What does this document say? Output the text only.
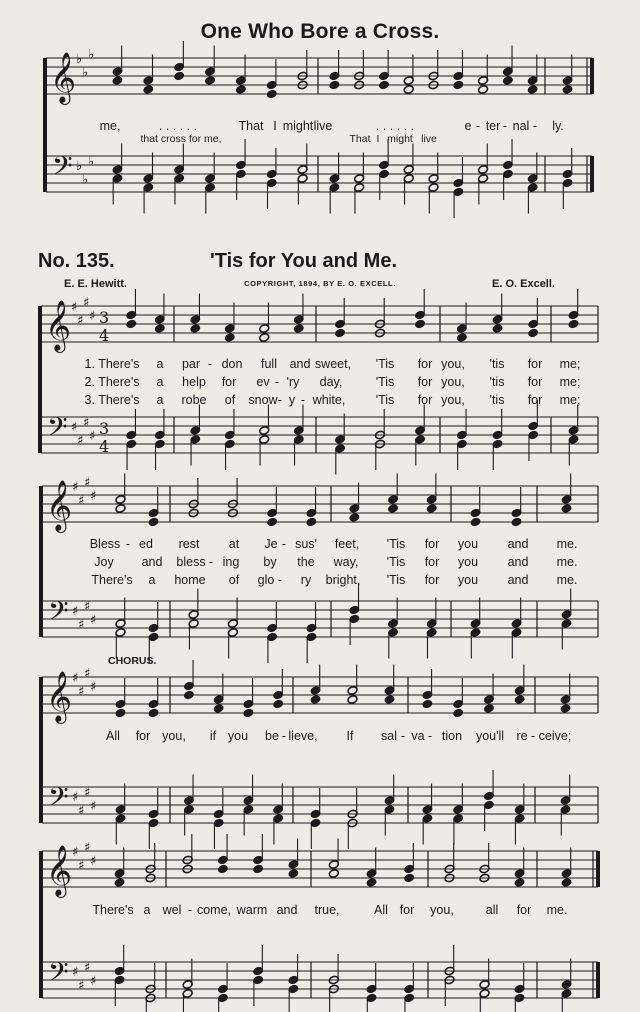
𝄞
𝄢
♭
♭
♭
♭
♭
♭
𝄞
𝄢
♯
♯
♯
♯
♯
♯
♯
♯
3
4
3
4
𝄞
𝄢
♯
♯
♯
♯
♯
♯
♯
♯
𝄞
𝄢
♯
♯
♯
♯
♯
♯
♯
♯
𝄞
𝄢
♯
♯
♯
♯
♯
♯
♯
♯
One Who Bore a Cross.
No. 135.	'Tis for You and Me.
E. E. Hewitt.	COPYRIGHT, 1894, BY E. O. EXCELL.	E. O. Excell.
CHORUS.
me,	. . . . . .	That I might live	. . . . . .	e - ter - nal - ly.
that cross for me,	That I might live
1. There's a par - don full and sweet, 'Tis for you, 'tis for me;
2. There's a help for ev - 'ry day,	'Tis for you, 'tis for me;
3. There's a robe of snow - y - white, 'Tis for you, 'tis for me;
Bless - ed rest at Je - sus' feet, 'Tis for you and me.
Joy and bless - ing by the way, 'Tis for you and me.
There's a home of glo - ry bright, 'Tis for you and me.
All for you, if you be - lieve, If sal - va - tion you'll re - ceive;
There's a wel - come, warm and true,	All for you,	all for me.
